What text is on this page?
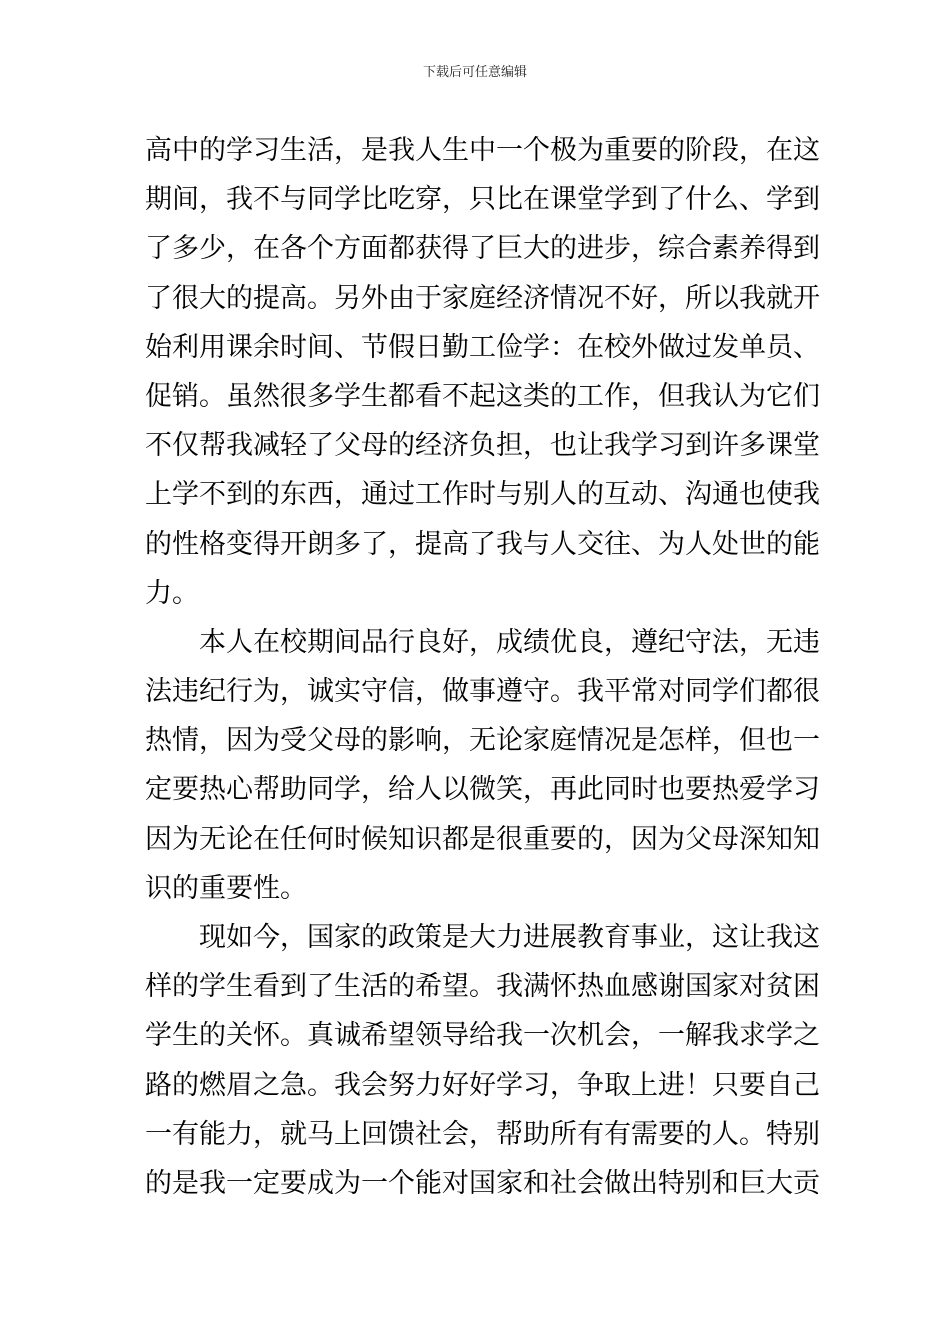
下载后可任意编辑
高中的学习生活，是我人生中一个极为重要的阶段，在这
期间，我不与同学比吃穿，只比在课堂学到了什么、学到
了多少，在各个方面都获得了巨大的进步，综合素养得到
了很大的提高。另外由于家庭经济情况不好，所以我就开
始利用课余时间、节假日勤工俭学：在校外做过发单员、
促销。虽然很多学生都看不起这类的工作，但我认为它们
不仅帮我减轻了父母的经济负担，也让我学习到许多课堂
上学不到的东西，通过工作时与别人的互动、沟通也使我
的性格变得开朗多了，提高了我与人交往、为人处世的能
力。
本人在校期间品行良好，成绩优良，遵纪守法，无违
法违纪行为，诚实守信，做事遵守。我平常对同学们都很
热情，因为受父母的影响，无论家庭情况是怎样，但也一
定要热心帮助同学，给人以微笑，再此同时也要热爱学习
因为无论在任何时候知识都是很重要的，因为父母深知知
识的重要性。
现如今，国家的政策是大力进展教育事业，这让我这
样的学生看到了生活的希望。我满怀热血感谢国家对贫困
学生的关怀。真诚希望领导给我一次机会，一解我求学之
路的燃眉之急。我会努力好好学习，争取上进！只要自己
一有能力，就马上回馈社会，帮助所有有需要的人。特别
的是我一定要成为一个能对国家和社会做出特别和巨大贡
